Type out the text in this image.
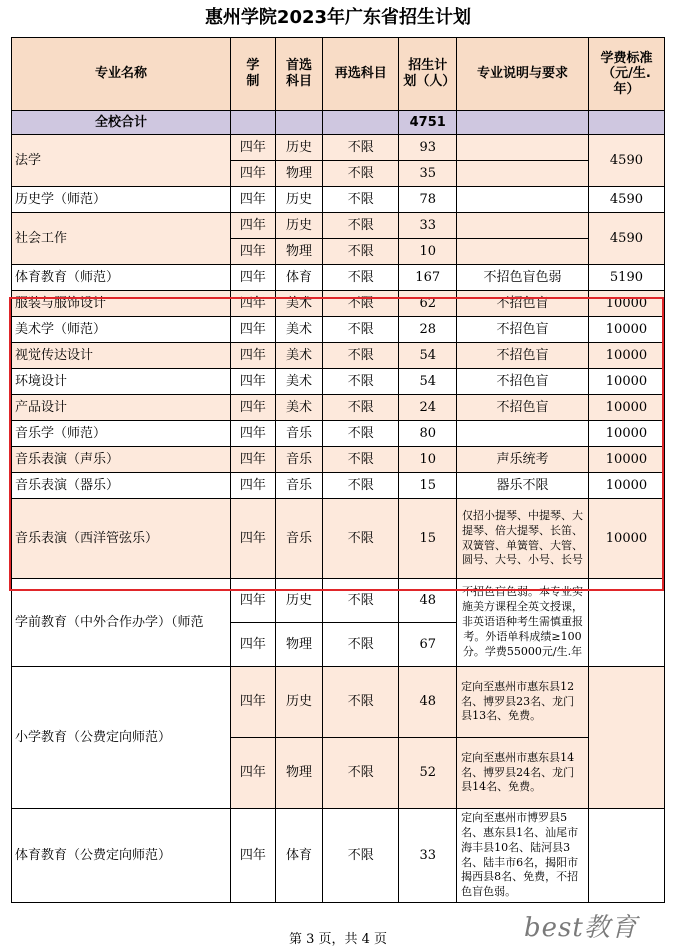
惠州学院2023年广东省招生计划
专业名称	学制	首选科目	再选科目	招生计划（人）	专业说明与要求	学费标准（元/生.年）
全校合计				4751		
法学	四年	历史	不限	93		4590
	四年	物理	不限	35		
历史学（师范）	四年	历史	不限	78		4590
社会工作	四年	历史	不限	33		4590
	四年	物理	不限	10		
体育教育（师范）	四年	体育	不限	167	不招色盲色弱	5190
服装与服饰设计	四年	美术	不限	62	不招色盲	10000
美术学（师范）	四年	美术	不限	28	不招色盲	10000
视觉传达设计	四年	美术	不限	54	不招色盲	10000
环境设计	四年	美术	不限	54	不招色盲	10000
产品设计	四年	美术	不限	24	不招色盲	10000
音乐学（师范）	四年	音乐	不限	80		10000
音乐表演（声乐）	四年	音乐	不限	10	声乐统考	10000
音乐表演（器乐）	四年	音乐	不限	15	器乐不限	10000
音乐表演（西洋管弦乐）	四年	音乐	不限	15	仅招小提琴、中提琴、大提琴、倍大提琴、长笛、双簧管、单簧管、大管、圆号、大号、小号、长号	10000
学前教育（中外合作办学）（师范	四年	历史	不限	48	不招色盲色弱。本专业实施美方课程全英文授课，非英语语种考生需慎重报考。外语单科成绩≥100分。学费55000元/生.年	
	四年	物理	不限	67		
小学教育（公费定向师范）	四年	历史	不限	48	定向至惠州市惠东县12名、博罗县23名、龙门县13名、免费。	
	四年	物理	不限	52	定向至惠州市惠东县14名、博罗县24名、龙门县14名、免费。	
体育教育（公费定向师范）	四年	体育	不限	33	定向至惠州市博罗县5名、惠东县1名、汕尾市海丰县10名、陆河县3名、陆丰市6名，揭阳市揭西县8名、免费，不招色盲色弱。	
第 3 页，共 4 页	best教育
